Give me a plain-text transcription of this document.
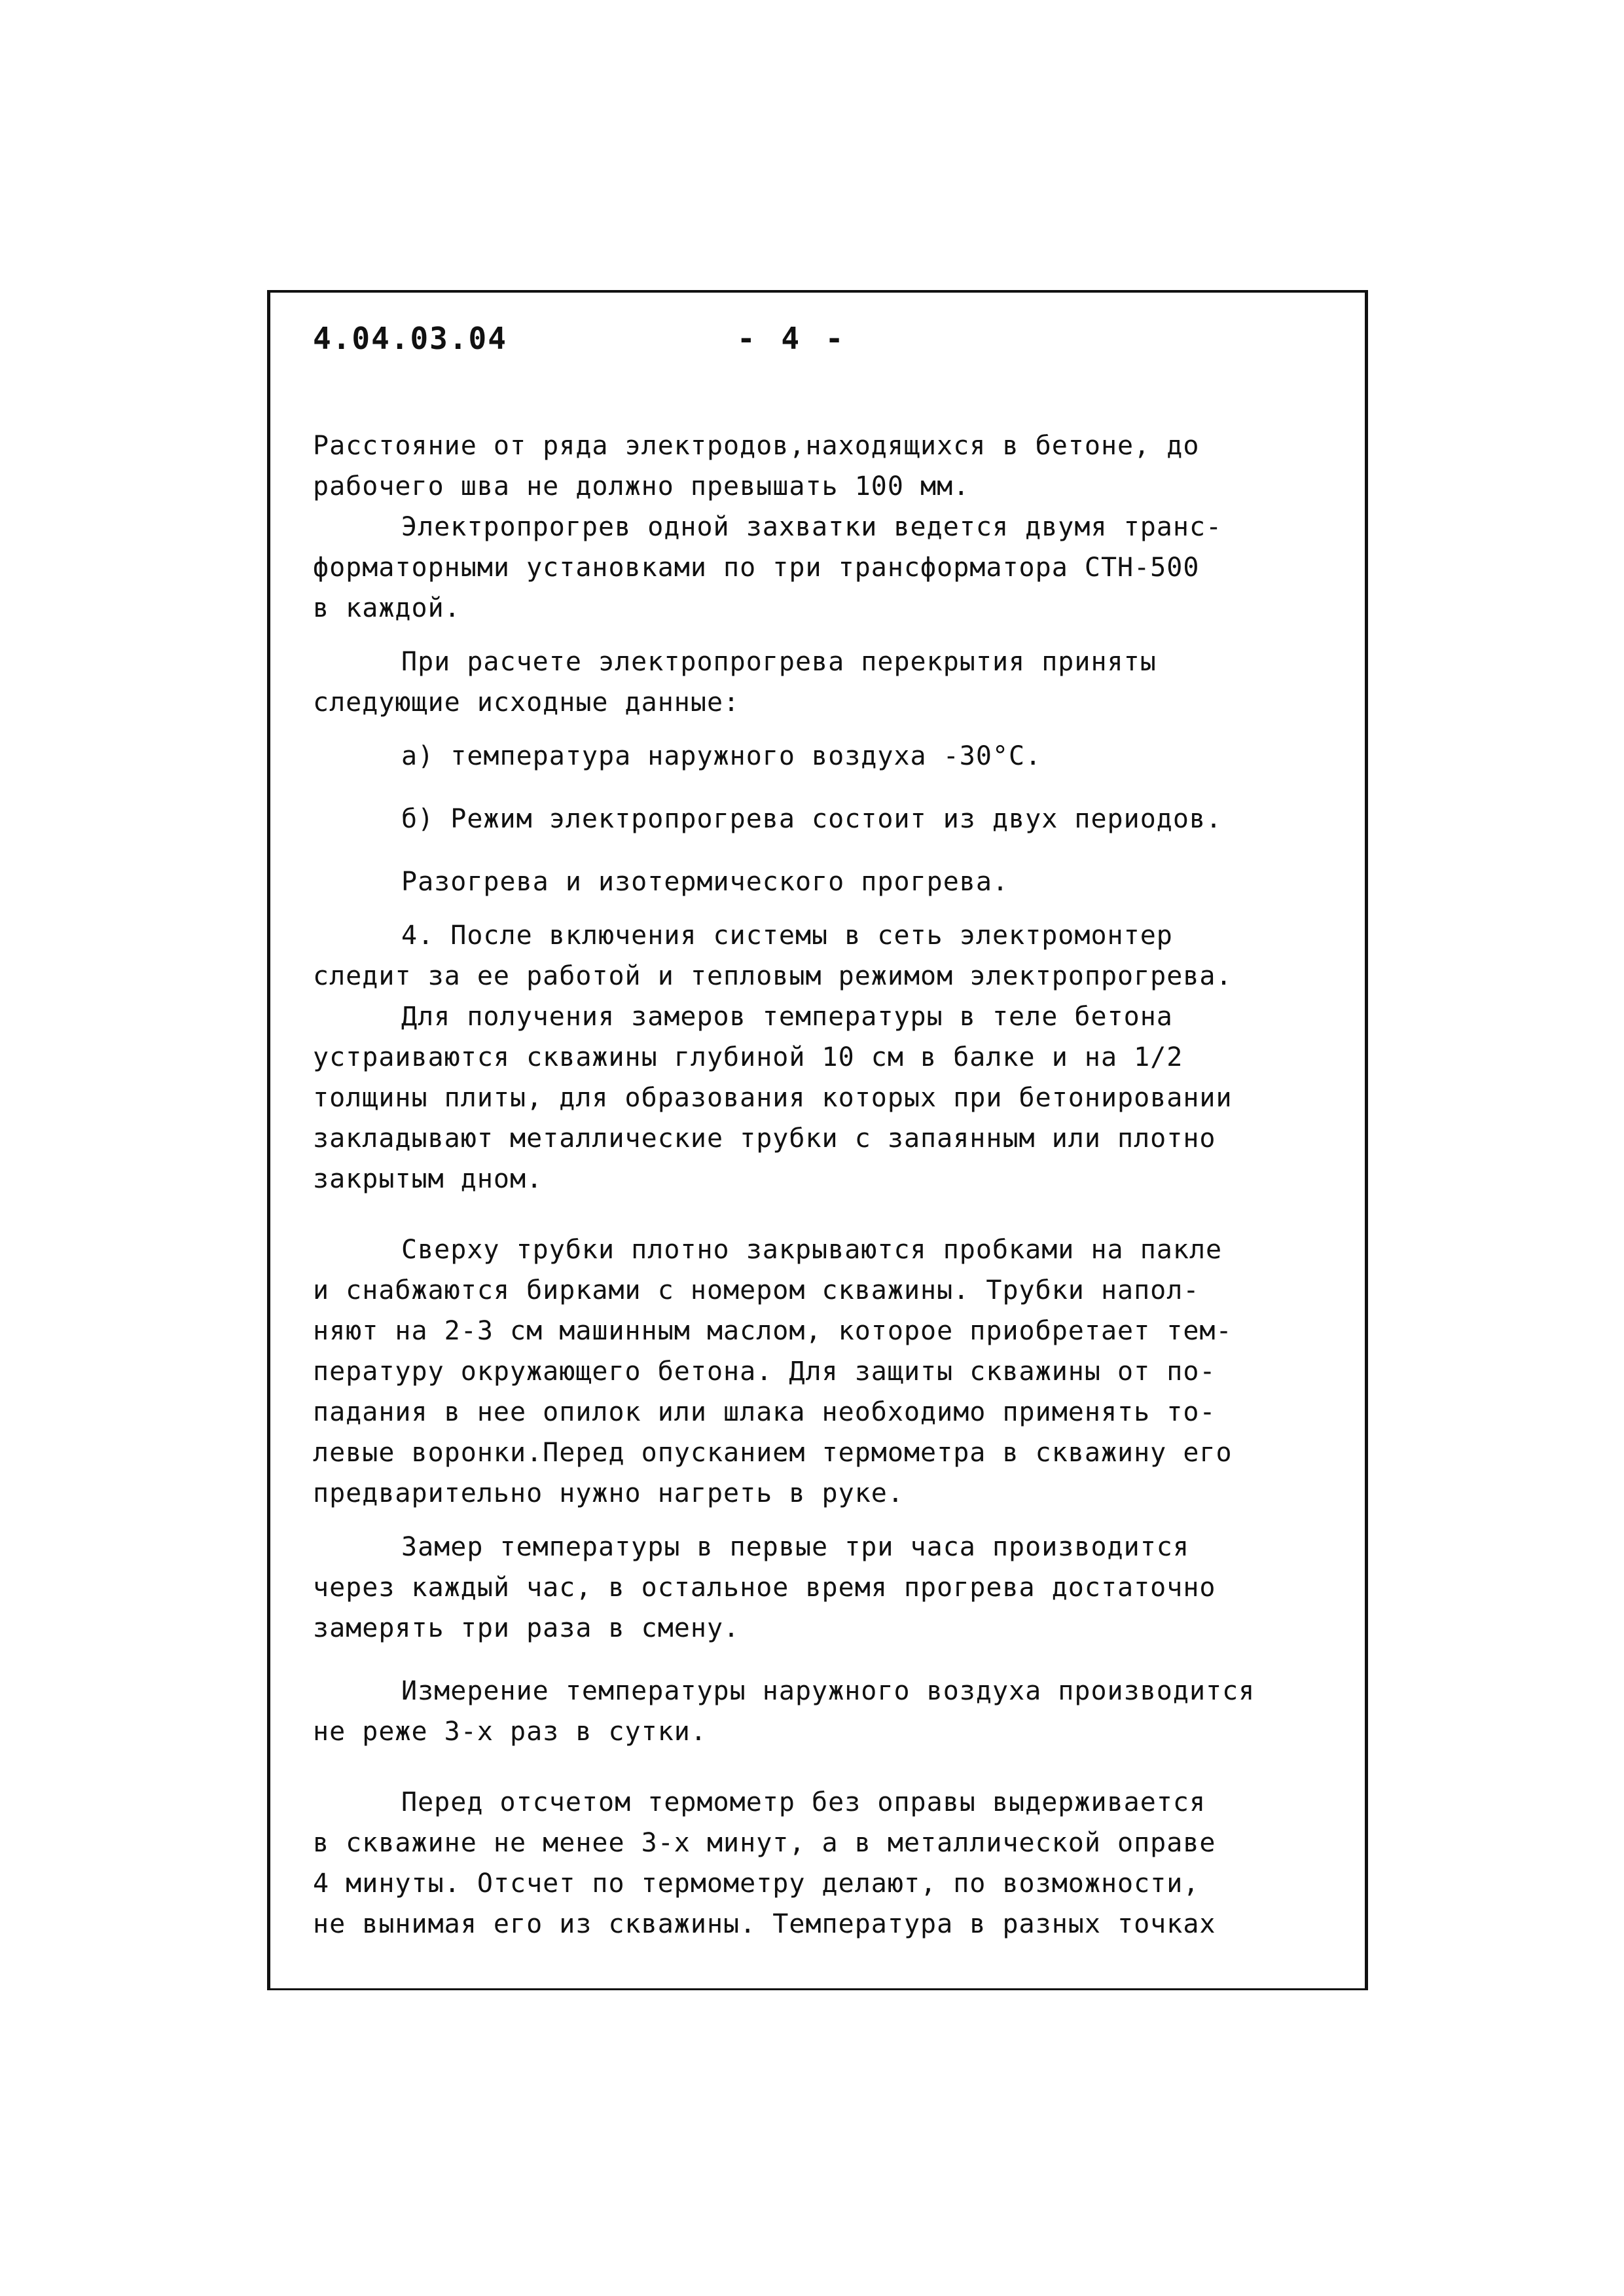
4.04.03.04	- 4 -

Расстояние от ряда электродов,находящихся в бетоне, до
рабочего шва не должно превышать 100 мм.

Электропрогрев одной захватки ведется двумя транс-
форматорными установками по три трансформатора СТН-500
в каждой.

При расчете электропрогрева перекрытия приняты
следующие исходные данные:

а) температура наружного воздуха -30°С.

б) Режим электропрогрева состоит из двух периодов.

Разогрева и изотермического прогрева.

4. После включения системы в сеть электромонтер
следит за ее работой и тепловым режимом электропрогрева.

Для получения замеров температуры в теле бетона
устраиваются скважины глубиной 10 см в балке и на 1/2
толщины плиты, для образования которых при бетонировании
закладывают металлические трубки с запаянным или плотно
закрытым дном.

Сверху трубки плотно закрываются пробками на пакле
и снабжаются бирками с номером скважины. Трубки напол-
няют на 2-3 см машинным маслом, которое приобретает тем-
пературу окружающего бетона. Для защиты скважины от по-
падания в нее опилок или шлака необходимо применять то-
левые воронки.Перед опусканием термометра в скважину его
предварительно нужно нагреть в руке.

Замер температуры в первые три часа производится
через каждый час, в остальное время прогрева достаточно
замерять три раза в смену.

Измерение температуры наружного воздуха производится
не реже 3-х раз в сутки.

Перед отсчетом термометр без оправы выдерживается
в скважине не менее 3-х минут, а в металлической оправе
4 минуты. Отсчет по термометру делают, по возможности,
не вынимая его из скважины. Температура в разных точках
